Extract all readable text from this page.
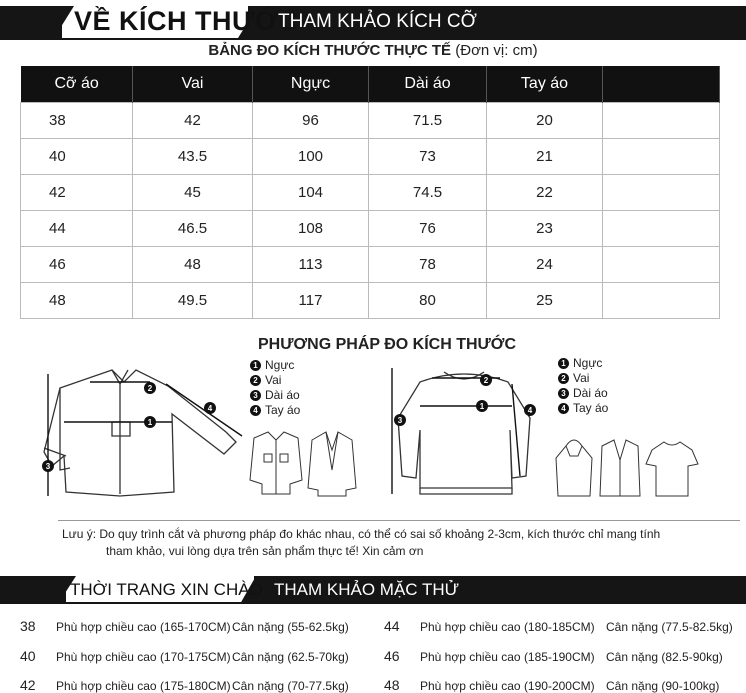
VỀ KÍCH THƯỚC
THAM KHẢO KÍCH CỠ
BẢNG ĐO KÍCH THƯỚC THỰC TẾ (Đơn vị: cm)
Cỡ áo	Vai	Ngực	Dài áo	Tay áo	
38	42	96	71.5	20	
40	43.5	100	73	21	
42	45	104	74.5	22	
44	46.5	108	76	23	
46	48	113	78	24	
48	49.5	117	80	25	
PHƯƠNG PHÁP ĐO KÍCH THƯỚC
1
2
3
4	1
2
3
4
1 Ngực
2 Vai
3 Dài áo
4 Tay áo
1 Ngực
2 Vai
3 Dài áo
4 Tay áo
Lưu ý: Do quy trình cắt và phương pháp đo khác nhau, có thể có sai số khoảng 2-3cm, kích thước chỉ mang tính
tham khảo, vui lòng dựa trên sản phẩm thực tế! Xin cảm ơn
THỜI TRANG XIN CHÀO THAM KHẢO MẶC THỬ
38 Phù hợp chiều cao (165-170CM)Cân nặng (55-62.5kg)
40 Phù hợp chiều cao (170-175CM)Cân nặng (62.5-70kg)
42 Phù hợp chiều cao (175-180CM)Cân nặng (70-77.5kg)
44 Phù hợp chiều cao (180-185CM) Cân nặng (77.5-82.5kg)
46 Phù hợp chiều cao (185-190CM) Cân nặng (82.5-90kg)
48 Phù hợp chiều cao (190-200CM) Cân nặng (90-100kg)
